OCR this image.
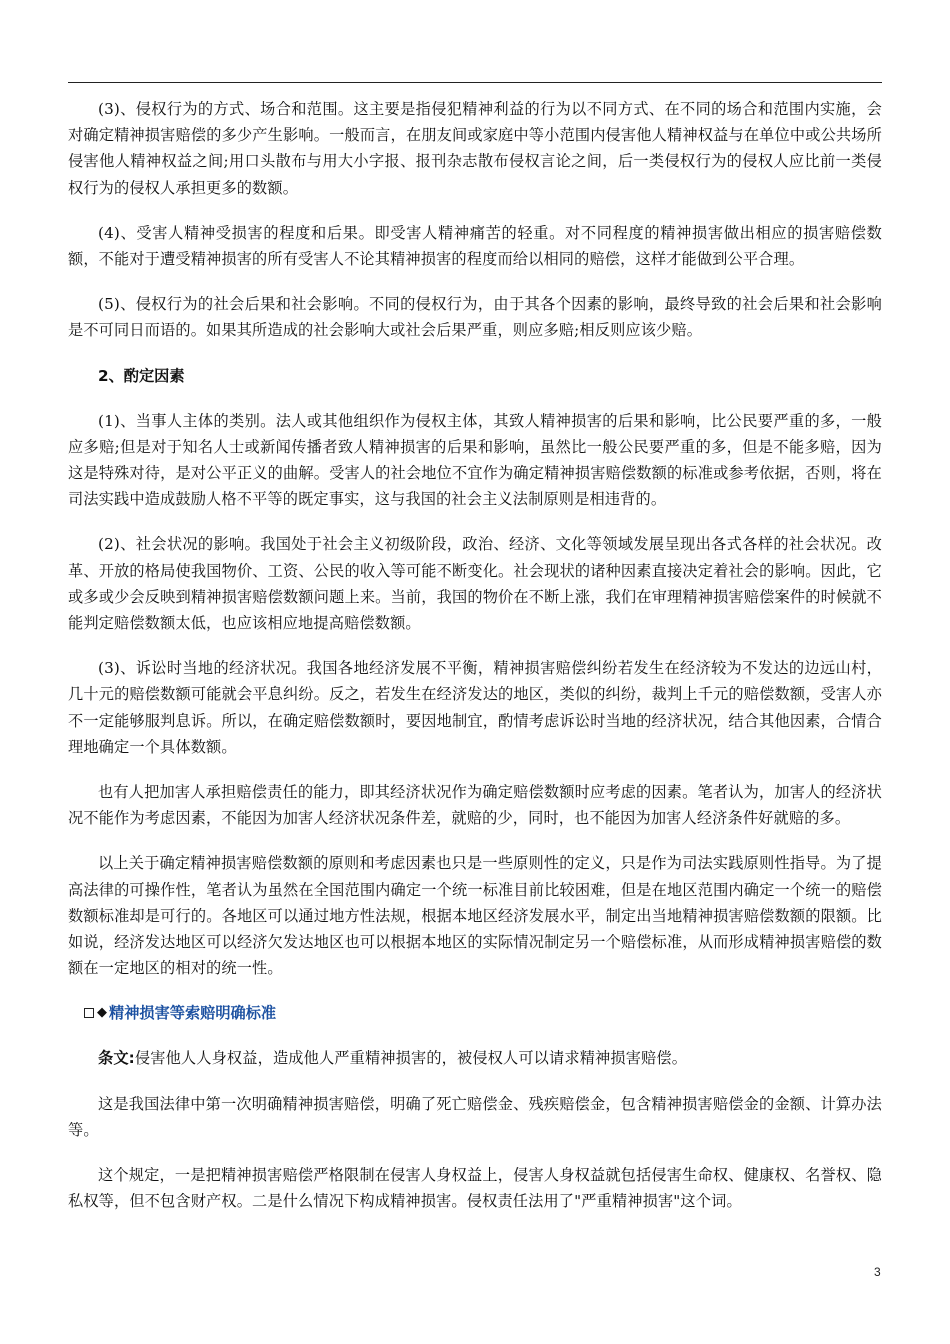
(3)、侵权行为的方式、场合和范围。这主要是指侵犯精神利益的行为以不同方式、在不同的场合和范围内实施，会对确定精神损害赔偿的多少产生影响。一般而言，在朋友间或家庭中等小范围内侵害他人精神权益与在单位中或公共场所侵害他人精神权益之间;用口头散布与用大小字报、报刊杂志散布侵权言论之间，后一类侵权行为的侵权人应比前一类侵权行为的侵权人承担更多的数额。

(4)、受害人精神受损害的程度和后果。即受害人精神痛苦的轻重。对不同程度的精神损害做出相应的损害赔偿数额，不能对于遭受精神损害的所有受害人不论其精神损害的程度而给以相同的赔偿，这样才能做到公平合理。

(5)、侵权行为的社会后果和社会影响。不同的侵权行为，由于其各个因素的影响，最终导致的社会后果和社会影响是不可同日而语的。如果其所造成的社会影响大或社会后果严重，则应多赔;相反则应该少赔。

2、酌定因素

(1)、当事人主体的类别。法人或其他组织作为侵权主体，其致人精神损害的后果和影响，比公民要严重的多，一般应多赔;但是对于知名人士或新闻传播者致人精神损害的后果和影响，虽然比一般公民要严重的多，但是不能多赔，因为这是特殊对待，是对公平正义的曲解。受害人的社会地位不宜作为确定精神损害赔偿数额的标准或参考依据，否则，将在司法实践中造成鼓励人格不平等的既定事实，这与我国的社会主义法制原则是相违背的。

(2)、社会状况的影响。我国处于社会主义初级阶段，政治、经济、文化等领域发展呈现出各式各样的社会状况。改革、开放的格局使我国物价、工资、公民的收入等可能不断变化。社会现状的诸种因素直接决定着社会的影响。因此，它或多或少会反映到精神损害赔偿数额问题上来。当前，我国的物价在不断上涨，我们在审理精神损害赔偿案件的时候就不能判定赔偿数额太低，也应该相应地提高赔偿数额。

(3)、诉讼时当地的经济状况。我国各地经济发展不平衡，精神损害赔偿纠纷若发生在经济较为不发达的边远山村，几十元的赔偿数额可能就会平息纠纷。反之，若发生在经济发达的地区，类似的纠纷，裁判上千元的赔偿数额，受害人亦不一定能够服判息诉。所以，在确定赔偿数额时，要因地制宜，酌情考虑诉讼时当地的经济状况，结合其他因素，合情合理地确定一个具体数额。

也有人把加害人承担赔偿责任的能力，即其经济状况作为确定赔偿数额时应考虑的因素。笔者认为，加害人的经济状况不能作为考虑因素，不能因为加害人经济状况条件差，就赔的少，同时，也不能因为加害人经济条件好就赔的多。

以上关于确定精神损害赔偿数额的原则和考虑因素也只是一些原则性的定义，只是作为司法实践原则性指导。为了提高法律的可操作性，笔者认为虽然在全国范围内确定一个统一标准目前比较困难，但是在地区范围内确定一个统一的赔偿数额标准却是可行的。各地区可以通过地方性法规，根据本地区经济发展水平，制定出当地精神损害赔偿数额的限额。比如说，经济发达地区可以经济欠发达地区也可以根据本地区的实际情况制定另一个赔偿标准，从而形成精神损害赔偿的数额在一定地区的相对的统一性。

◆ 精神损害等索赔明确标准

条文:侵害他人人身权益，造成他人严重精神损害的，被侵权人可以请求精神损害赔偿。

这是我国法律中第一次明确精神损害赔偿，明确了死亡赔偿金、残疾赔偿金，包含精神损害赔偿金的金额、计算办法等。

这个规定，一是把精神损害赔偿严格限制在侵害人身权益上，侵害人身权益就包括侵害生命权、健康权、名誉权、隐私权等，但不包含财产权。二是什么情况下构成精神损害。侵权责任法用了"严重精神损害"这个词。

3
